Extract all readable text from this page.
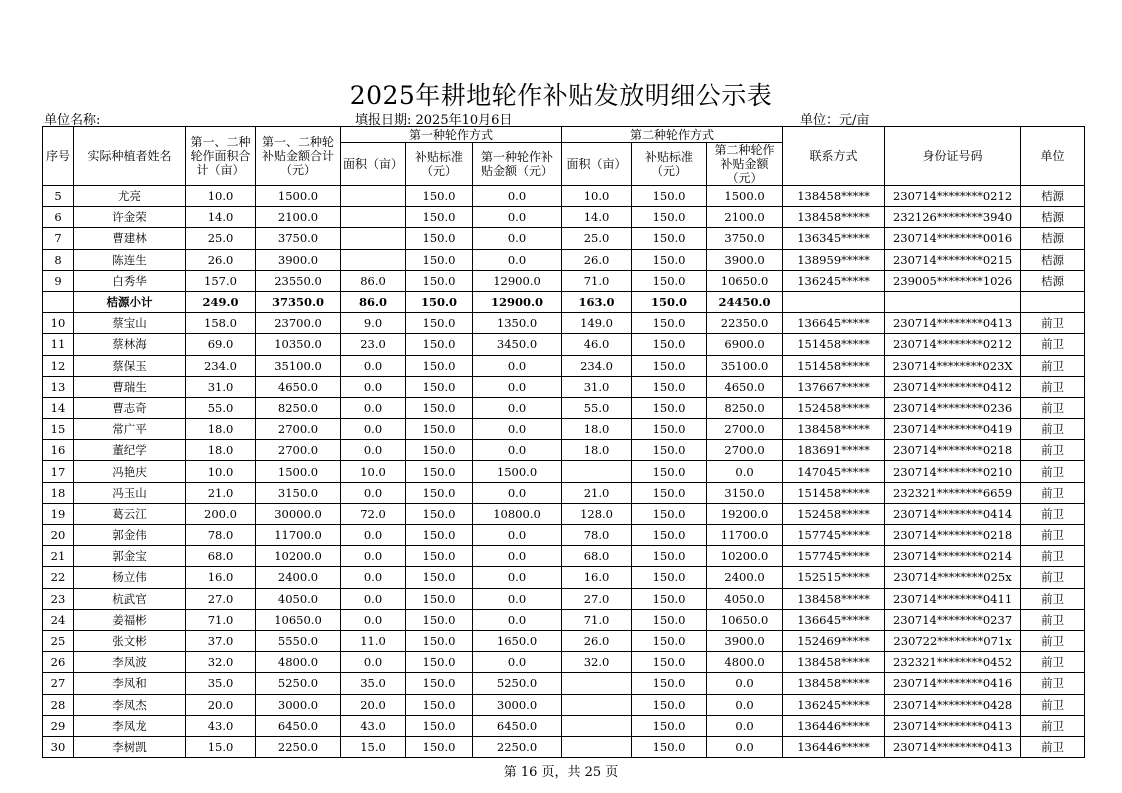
2025年耕地轮作补贴发放明细公示表
单位名称:	填报日期: 2025年10月6日	单位：元/亩
序号	实际种植者姓名	第一、二种轮作面积合计（亩）	第一、二种轮补贴金额合计（元）	第一种轮作方式			第二种轮作方式			联系方式	身份证号码	单位
				面积（亩）	补贴标准（元）	第一种轮作补贴金额（元）	面积（亩）	补贴标准（元）	第二种轮作补贴金额（元）			
5	尤亮	10.0	1500.0		150.0	0.0	10.0	150.0	1500.0	138458*****	230714********0212	桔源
6	许金荣	14.0	2100.0		150.0	0.0	14.0	150.0	2100.0	138458*****	232126********3940	桔源
7	曹建林	25.0	3750.0		150.0	0.0	25.0	150.0	3750.0	136345*****	230714********0016	桔源
8	陈连生	26.0	3900.0		150.0	0.0	26.0	150.0	3900.0	138959*****	230714********0215	桔源
9	白秀华	157.0	23550.0	86.0	150.0	12900.0	71.0	150.0	10650.0	136245*****	239005********1026	桔源
	桔源小计	249.0	37350.0	86.0	150.0	12900.0	163.0	150.0	24450.0			
10	蔡宝山	158.0	23700.0	9.0	150.0	1350.0	149.0	150.0	22350.0	136645*****	230714********0413	前卫
11	蔡林海	69.0	10350.0	23.0	150.0	3450.0	46.0	150.0	6900.0	151458*****	230714********0212	前卫
12	蔡保玉	234.0	35100.0	0.0	150.0	0.0	234.0	150.0	35100.0	151458*****	230714********023X	前卫
13	曹瑞生	31.0	4650.0	0.0	150.0	0.0	31.0	150.0	4650.0	137667*****	230714********0412	前卫
14	曹志奇	55.0	8250.0	0.0	150.0	0.0	55.0	150.0	8250.0	152458*****	230714********0236	前卫
15	常广平	18.0	2700.0	0.0	150.0	0.0	18.0	150.0	2700.0	138458*****	230714********0419	前卫
16	董纪学	18.0	2700.0	0.0	150.0	0.0	18.0	150.0	2700.0	183691*****	230714********0218	前卫
17	冯艳庆	10.0	1500.0	10.0	150.0	1500.0		150.0	0.0	147045*****	230714********0210	前卫
18	冯玉山	21.0	3150.0	0.0	150.0	0.0	21.0	150.0	3150.0	151458*****	232321********6659	前卫
19	葛云江	200.0	30000.0	72.0	150.0	10800.0	128.0	150.0	19200.0	152458*****	230714********0414	前卫
20	郭金伟	78.0	11700.0	0.0	150.0	0.0	78.0	150.0	11700.0	157745*****	230714********0218	前卫
21	郭金宝	68.0	10200.0	0.0	150.0	0.0	68.0	150.0	10200.0	157745*****	230714********0214	前卫
22	杨立伟	16.0	2400.0	0.0	150.0	0.0	16.0	150.0	2400.0	152515*****	230714********025x	前卫
23	杭武官	27.0	4050.0	0.0	150.0	0.0	27.0	150.0	4050.0	138458*****	230714********0411	前卫
24	姜福彬	71.0	10650.0	0.0	150.0	0.0	71.0	150.0	10650.0	136645*****	230714********0237	前卫
25	张文彬	37.0	5550.0	11.0	150.0	1650.0	26.0	150.0	3900.0	152469*****	230722********071x	前卫
26	李凤波	32.0	4800.0	0.0	150.0	0.0	32.0	150.0	4800.0	138458*****	232321********0452	前卫
27	李凤和	35.0	5250.0	35.0	150.0	5250.0		150.0	0.0	138458*****	230714********0416	前卫
28	李凤杰	20.0	3000.0	20.0	150.0	3000.0		150.0	0.0	136245*****	230714********0428	前卫
29	李凤龙	43.0	6450.0	43.0	150.0	6450.0		150.0	0.0	136446*****	230714********0413	前卫
30	李树凯	15.0	2250.0	15.0	150.0	2250.0		150.0	0.0	136446*****	230714********0413	前卫
第 16 页，共 25 页
